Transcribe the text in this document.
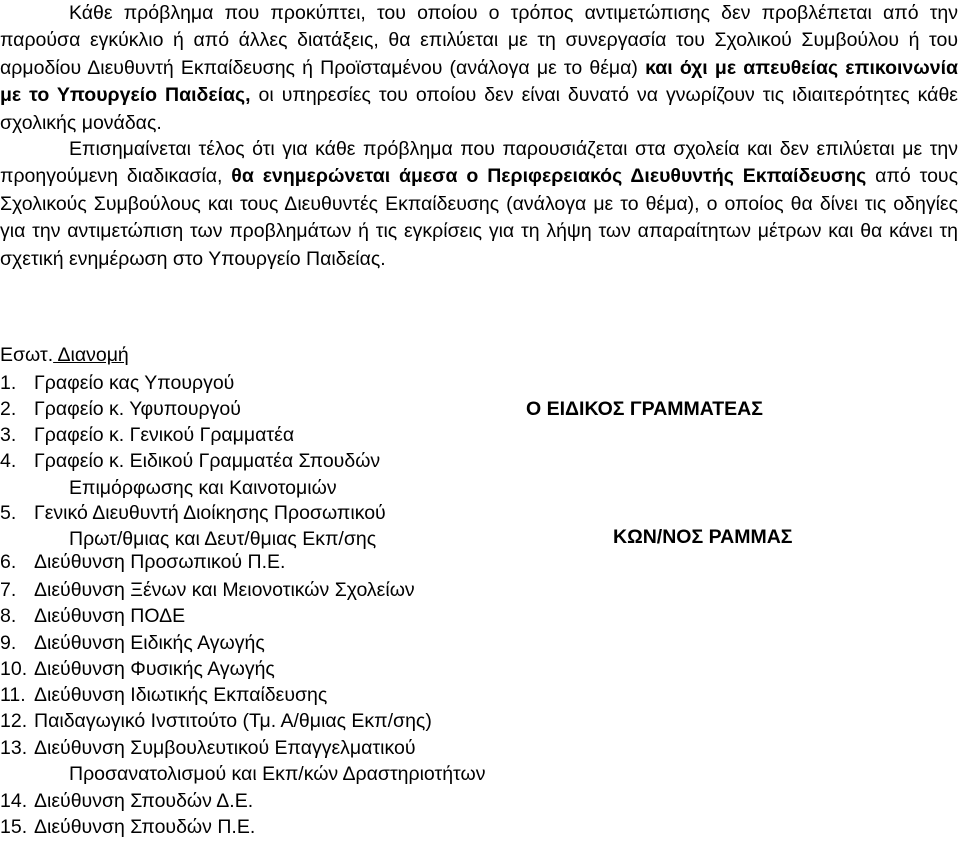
Κάθε πρόβλημα που προκύπτει, του οποίου ο τρόπος αντιμετώπισης δεν προβλέπεται από την παρούσα εγκύκλιο ή από άλλες διατάξεις, θα επιλύεται με τη συνεργασία του Σχολικού Συμβούλου ή του αρμοδίου Διευθυντή Εκπαίδευσης ή Προϊσταμένου (ανάλογα με το θέμα) και όχι με απευθείας επικοινωνία με το Υπουργείο Παιδείας, οι υπηρεσίες του οποίου δεν είναι δυνατό να γνωρίζουν τις ιδιαιτερότητες κάθε σχολικής μονάδας.

Επισημαίνεται τέλος ότι για κάθε πρόβλημα που παρουσιάζεται στα σχολεία και δεν επιλύεται με την προηγούμενη διαδικασία, θα ενημερώνεται άμεσα ο Περιφερειακός Διευθυντής Εκπαίδευσης από τους Σχολικούς Συμβούλους και τους Διευθυντές Εκπαίδευσης (ανάλογα με το θέμα), ο οποίος θα δίνει τις οδηγίες για την αντιμετώπιση των προβλημάτων ή τις εγκρίσεις για τη λήψη των απαραίτητων μέτρων και θα κάνει τη σχετική ενημέρωση στο Υπουργείο Παιδείας.

Εσωτ. Διανομή
1. Γραφείο κας Υπουργού
2. Γραφείο κ. Υφυπουργού
3. Γραφείο κ. Γενικού Γραμματέα
4. Γραφείο κ. Ειδικού Γραμματέα Σπουδών
Επιμόρφωσης και Καινοτομιών
5. Γενικό Διευθυντή Διοίκησης Προσωπικού
Πρωτ/θμιας και Δευτ/θμιας Εκπ/σης
6. Διεύθυνση Προσωπικού Π.Ε.
7. Διεύθυνση Ξένων και Μειονοτικών Σχολείων
8. Διεύθυνση ΠΟΔΕ
9. Διεύθυνση Ειδικής Αγωγής
10. Διεύθυνση Φυσικής Αγωγής
11. Διεύθυνση Ιδιωτικής Εκπαίδευσης
12. Παιδαγωγικό Ινστιτούτο (Τμ. Α/θμιας Εκπ/σης)
13. Διεύθυνση Συμβουλευτικού Επαγγελματικού
Προσανατολισμού και Εκπ/κών Δραστηριοτήτων
14. Διεύθυνση Σπουδών Δ.Ε.
15. Διεύθυνση Σπουδών Π.Ε.
Ο ΕΙΔΙΚΟΣ ΓΡΑΜΜΑΤΕΑΣ
ΚΩΝ/ΝΟΣ ΡΑΜΜΑΣ
